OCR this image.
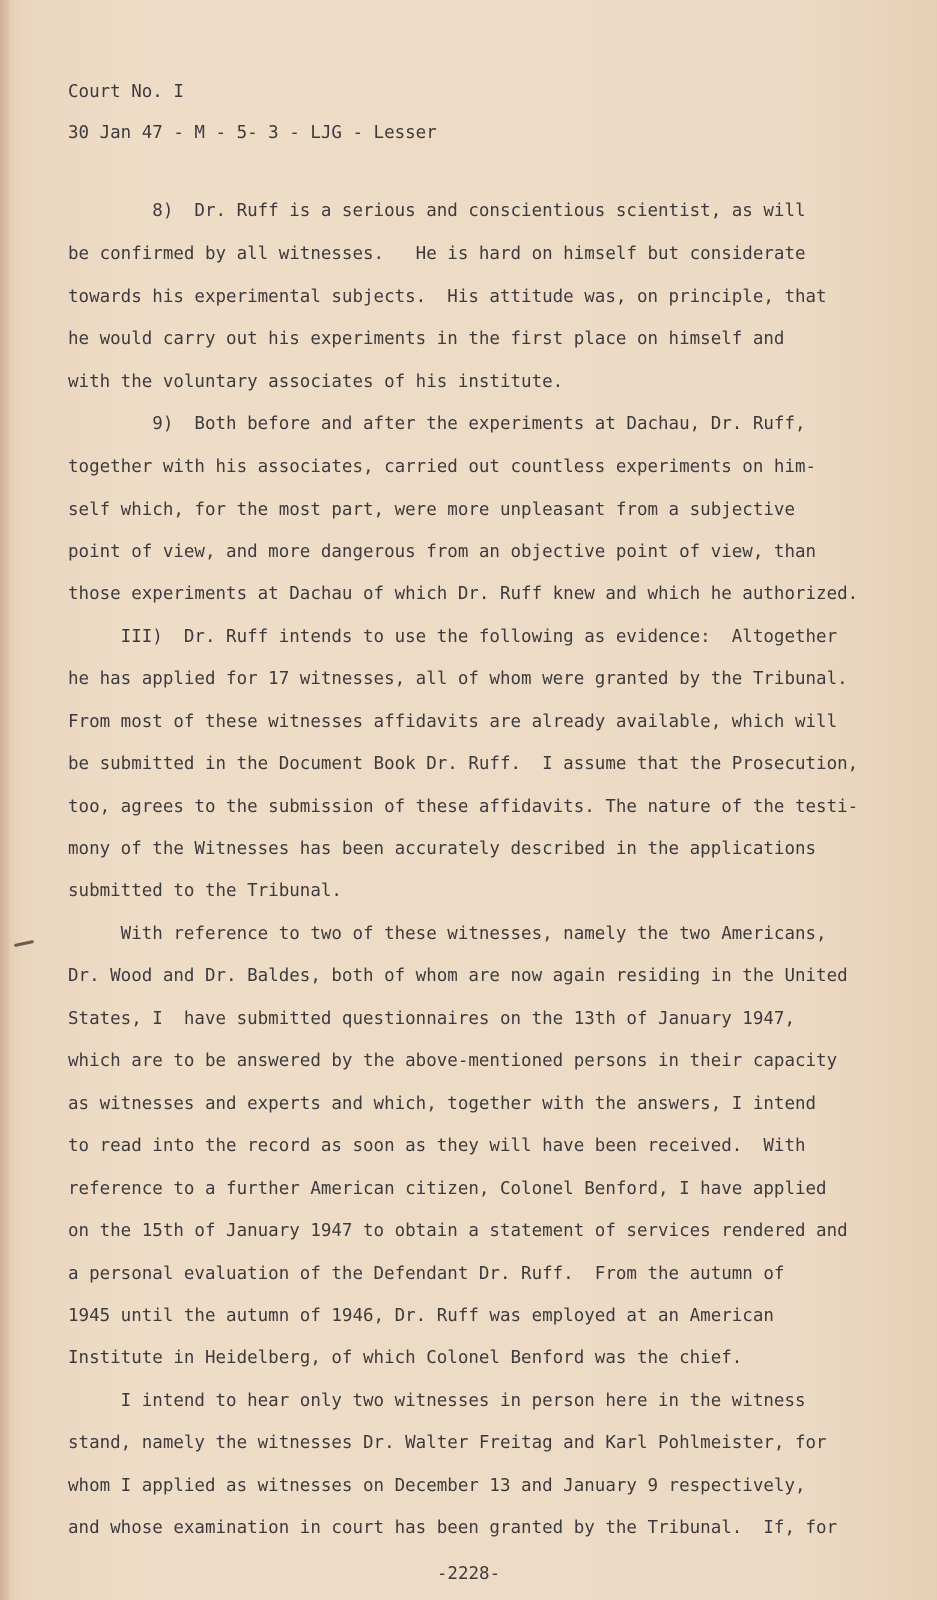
Court No. I
30 Jan 47 - M - 5- 3 - LJG - Lesser
8)  Dr. Ruff is a serious and conscientious scientist, as will
be confirmed by all witnesses.   He is hard on himself but considerate
towards his experimental subjects.  His attitude was, on principle, that
he would carry out his experiments in the first place on himself and
with the voluntary associates of his institute.
9)  Both before and after the experiments at Dachau, Dr. Ruff,
together with his associates, carried out countless experiments on him-
self which, for the most part, were more unpleasant from a subjective
point of view, and more dangerous from an objective point of view, than
those experiments at Dachau of which Dr. Ruff knew and which he authorized.
III)  Dr. Ruff intends to use the following as evidence:  Altogether
he has applied for 17 witnesses, all of whom were granted by the Tribunal.
From most of these witnesses affidavits are already available, which will
be submitted in the Document Book Dr. Ruff.  I assume that the Prosecution,
too, agrees to the submission of these affidavits. The nature of the testi-
mony of the Witnesses has been accurately described in the applications
submitted to the Tribunal.
With reference to two of these witnesses, namely the two Americans,
Dr. Wood and Dr. Baldes, both of whom are now again residing in the United
States, I  have submitted questionnaires on the 13th of January 1947,
which are to be answered by the above-mentioned persons in their capacity
as witnesses and experts and which, together with the answers, I intend
to read into the record as soon as they will have been received.  With
reference to a further American citizen, Colonel Benford, I have applied
on the 15th of January 1947 to obtain a statement of services rendered and
a personal evaluation of the Defendant Dr. Ruff.  From the autumn of
1945 until the autumn of 1946, Dr. Ruff was employed at an American
Institute in Heidelberg, of which Colonel Benford was the chief.
I intend to hear only two witnesses in person here in the witness
stand, namely the witnesses Dr. Walter Freitag and Karl Pohlmeister, for
whom I applied as witnesses on December 13 and January 9 respectively,
and whose examination in court has been granted by the Tribunal.  If, for
-2228-
